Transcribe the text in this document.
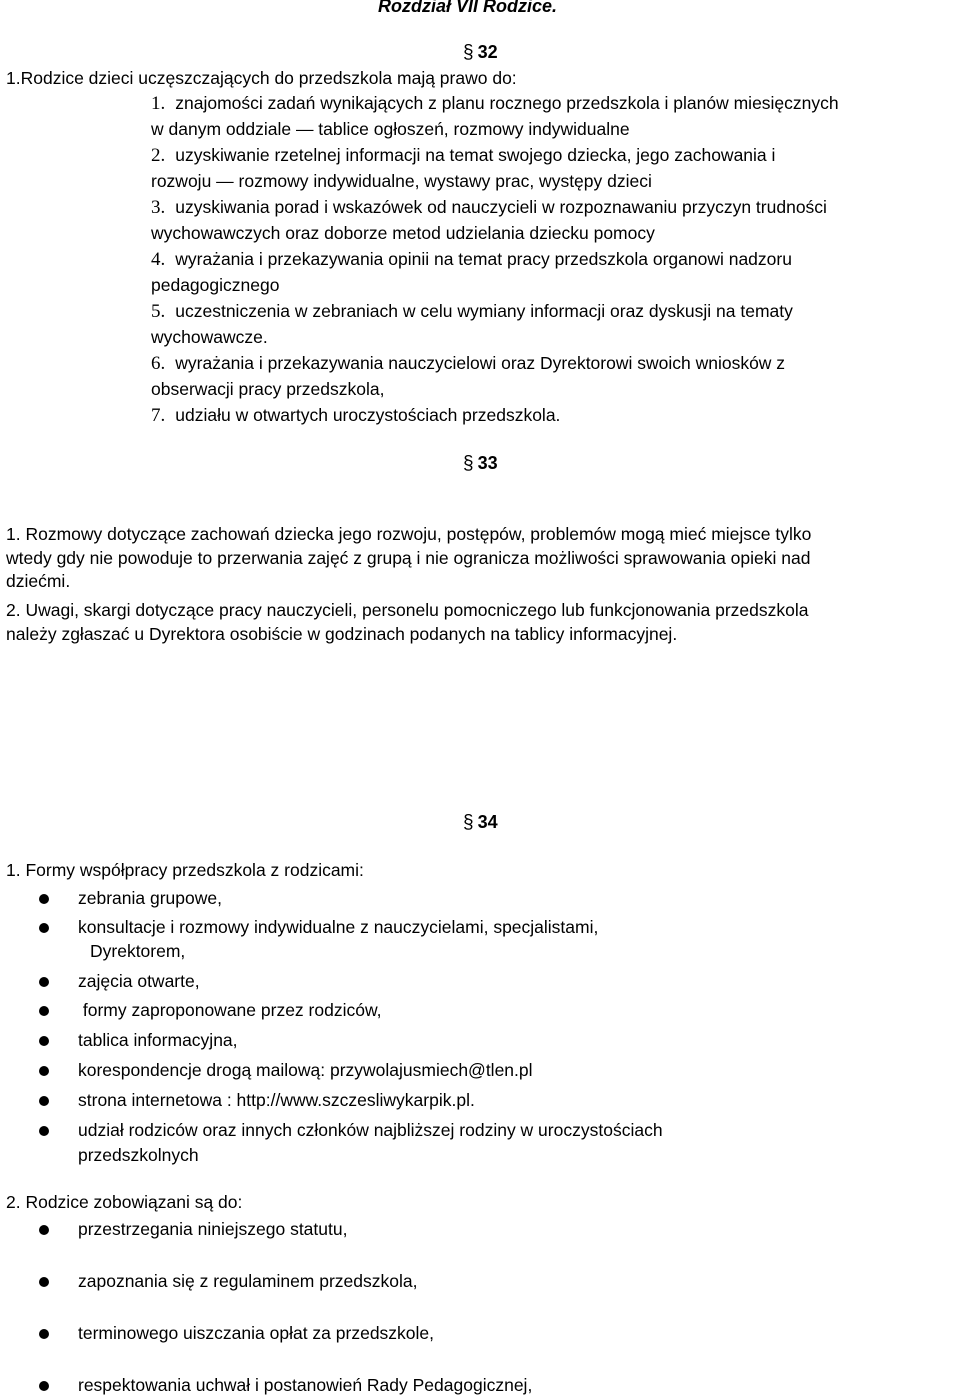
Rozdział VII Rodzice.
§ 32
1.Rodzice dzieci uczęszczających do przedszkola mają prawo do:
1. znajomości zadań wynikających z planu rocznego przedszkola i planów miesięcznych
w danym oddziale — tablice ogłoszeń, rozmowy indywidualne
2. uzyskiwanie rzetelnej informacji na temat swojego dziecka, jego zachowania i
rozwoju — rozmowy indywidualne, wystawy prac, występy dzieci
3. uzyskiwania porad i wskazówek od nauczycieli w rozpoznawaniu przyczyn trudności
wychowawczych oraz doborze metod udzielania dziecku pomocy
4. wyrażania i przekazywania opinii na temat pracy przedszkola organowi nadzoru
pedagogicznego
5. uczestniczenia w zebraniach w celu wymiany informacji oraz dyskusji na tematy
wychowawcze.
6. wyrażania i przekazywania nauczycielowi oraz Dyrektorowi swoich wniosków z
obserwacji pracy przedszkola,
7. udziału w otwartych uroczystościach przedszkola.
§ 33
1. Rozmowy dotyczące zachowań dziecka jego rozwoju, postępów, problemów mogą mieć miejsce tylko
wtedy gdy nie powoduje to przerwania zajęć z grupą i nie ogranicza możliwości sprawowania opieki nad
dziećmi.
2. Uwagi, skargi dotyczące pracy nauczycieli, personelu pomocniczego lub funkcjonowania przedszkola
należy zgłaszać u Dyrektora osobiście w godzinach podanych na tablicy informacyjnej.
§ 34
1. Formy współpracy przedszkola z rodzicami:
zebrania grupowe,
konsultacje i rozmowy indywidualne z nauczycielami, specjalistami,
Dyrektorem,
zajęcia otwarte,
formy zaproponowane przez rodziców,
tablica informacyjna,
korespondencje drogą mailową: przywolajusmiech@tlen.pl
strona internetowa : http://www.szczesliwykarpik.pl.
udział rodziców oraz innych członków najbliższej rodziny w uroczystościach
przedszkolnych
2. Rodzice zobowiązani są do:
przestrzegania niniejszego statutu,
zapoznania się z regulaminem przedszkola,
terminowego uiszczania opłat za przedszkole,
respektowania uchwał i postanowień Rady Pedagogicznej,
